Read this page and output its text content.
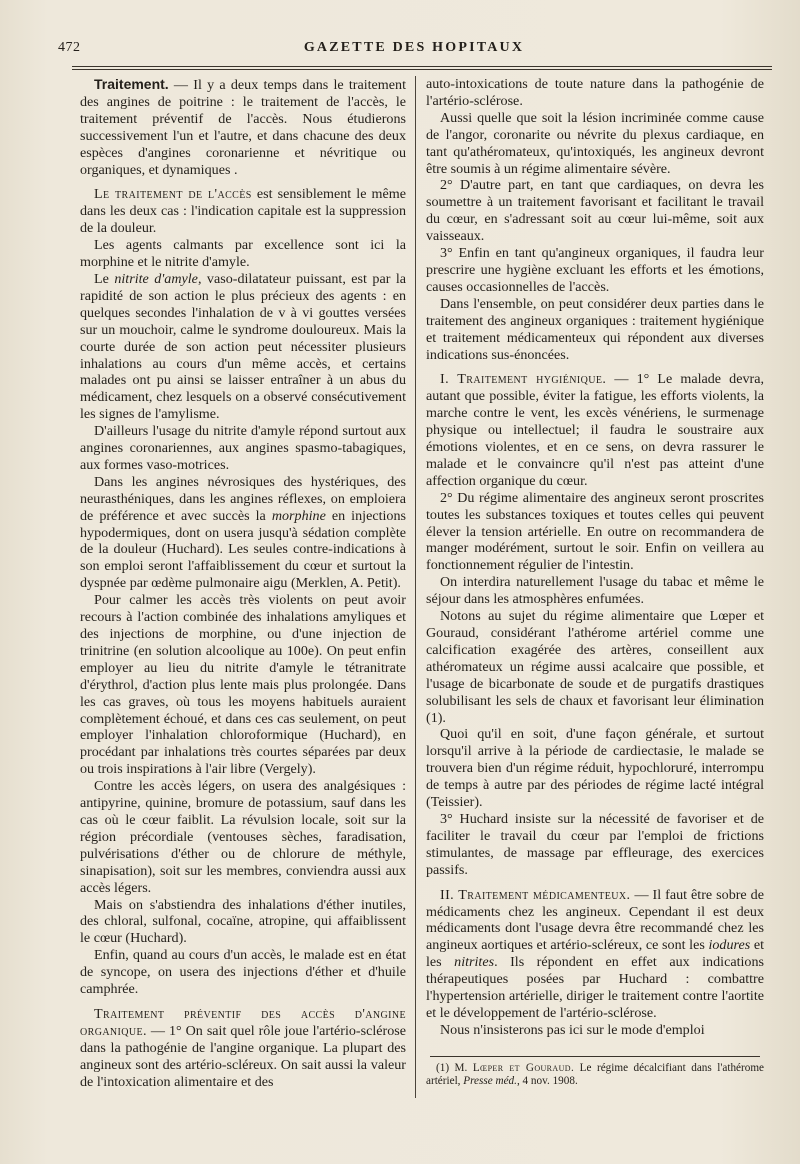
472	GAZETTE DES HOPITAUX

Traitement. — Il y a deux temps dans le traitement des angines de poitrine : le traitement de l'accès, le traitement préventif de l'accès. Nous étudierons successivement l'un et l'autre, et dans chacune des deux espèces d'angines coronarienne et névritique ou organiques, et dynamiques .

Le traitement de l'accès est sensiblement le même dans les deux cas : l'indication capitale est la suppression de la douleur.

Les agents calmants par excellence sont ici la morphine et le nitrite d'amyle.

Le nitrite d'amyle, vaso-dilatateur puissant, est par la rapidité de son action le plus précieux des agents : en quelques secondes l'inhalation de v à vi gouttes versées sur un mouchoir, calme le syndrome douloureux. Mais la courte durée de son action peut nécessiter plusieurs inhalations au cours d'un même accès, et certains malades ont pu ainsi se laisser entraîner à un abus du médicament, chez lesquels on a observé consécutivement les signes de l'amylisme.

D'ailleurs l'usage du nitrite d'amyle répond surtout aux angines coronariennes, aux angines spasmo-tabagiques, aux formes vaso-motrices.

Dans les angines névrosiques des hystériques, des neurasthéniques, dans les angines réflexes, on emploiera de préférence et avec succès la morphine en injections hypodermiques, dont on usera jusqu'à sédation complète de la douleur (Huchard). Les seules contre-indications à son emploi seront l'affaiblissement du cœur et surtout la dyspnée par œdème pulmonaire aigu (Merklen, A. Petit).

Pour calmer les accès très violents on peut avoir recours à l'action combinée des inhalations amyliques et des injections de morphine, ou d'une injection de trinitrine (en solution alcoolique au 100e). On peut enfin employer au lieu du nitrite d'amyle le tétranitrate d'érythrol, d'action plus lente mais plus prolongée. Dans les cas graves, où tous les moyens habituels auraient complètement échoué, et dans ces cas seulement, on peut employer l'inhalation chloroformique (Huchard), en procédant par inhalations très courtes séparées par deux ou trois inspirations à l'air libre (Vergely).

Contre les accès légers, on usera des analgésiques : antipyrine, quinine, bromure de potassium, sauf dans les cas où le cœur faiblit. La révulsion locale, soit sur la région précordiale (ventouses sèches, faradisation, pulvérisations d'éther ou de chlorure de méthyle, sinapisation), soit sur les membres, conviendra aussi aux accès légers.

Mais on s'abstiendra des inhalations d'éther inutiles, des chloral, sulfonal, cocaïne, atropine, qui affaiblissent le cœur (Huchard).

Enfin, quand au cours d'un accès, le malade est en état de syncope, on usera des injections d'éther et d'huile camphrée.

Traitement préventif des accès d'angine organique. — 1° On sait quel rôle joue l'artério-sclérose dans la pathogénie de l'angine organique. La plupart des angineux sont des artério-scléreux. On sait aussi la valeur de l'intoxication alimentaire et des

auto-intoxications de toute nature dans la pathogénie de l'artério-sclérose.

Aussi quelle que soit la lésion incriminée comme cause de l'angor, coronarite ou névrite du plexus cardiaque, en tant qu'athéromateux, qu'intoxiqués, les angineux devront être soumis à un régime alimentaire sévère.

2° D'autre part, en tant que cardiaques, on devra les soumettre à un traitement favorisant et facilitant le travail du cœur, en s'adressant soit au cœur lui-même, soit aux vaisseaux.

3° Enfin en tant qu'angineux organiques, il faudra leur prescrire une hygiène excluant les efforts et les émotions, causes occasionnelles de l'accès.

Dans l'ensemble, on peut considérer deux parties dans le traitement des angineux organiques : traitement hygiénique et traitement médicamenteux qui répondent aux diverses indications sus-énoncées.

I. Traitement hygiénique. — 1° Le malade devra, autant que possible, éviter la fatigue, les efforts violents, la marche contre le vent, les excès vénériens, le surmenage physique ou intellectuel; il faudra le soustraire aux émotions violentes, et en ce sens, on devra rassurer le malade et le convaincre qu'il n'est pas atteint d'une affection organique du cœur.

2° Du régime alimentaire des angineux seront proscrites toutes les substances toxiques et toutes celles qui peuvent élever la tension artérielle. En outre on recommandera de manger modérément, surtout le soir. Enfin on veillera au fonctionnement régulier de l'intestin.

On interdira naturellement l'usage du tabac et même le séjour dans les atmosphères enfumées.

Notons au sujet du régime alimentaire que Lœper et Gouraud, considérant l'athérome artériel comme une calcification exagérée des artères, conseillent aux athéromateux un régime aussi acalcaire que possible, et l'usage de bicarbonate de soude et de purgatifs drastiques solubilisant les sels de chaux et favorisant leur élimination (1).

Quoi qu'il en soit, d'une façon générale, et surtout lorsqu'il arrive à la période de cardiectasie, le malade se trouvera bien d'un régime réduit, hypochloruré, interrompu de temps à autre par des périodes de régime lacté intégral (Teissier).

3° Huchard insiste sur la nécessité de favoriser et de faciliter le travail du cœur par l'emploi de frictions stimulantes, de massage par effleurage, des exercices passifs.

II. Traitement médicamenteux. — Il faut être sobre de médicaments chez les angineux. Cependant il est deux médicaments dont l'usage devra être recommandé chez les angineux aortiques et artério-scléreux, ce sont les iodures et les nitrites. Ils répondent en effet aux indications thérapeutiques posées par Huchard : combattre l'hypertension artérielle, diriger le traitement contre l'aortite et le développement de l'artério-sclérose.

Nous n'insisterons pas ici sur le mode d'emploi

(1) M. Lœper et Gouraud. Le régime décalcifiant dans l'athérome artériel, Presse méd., 4 nov. 1908.
